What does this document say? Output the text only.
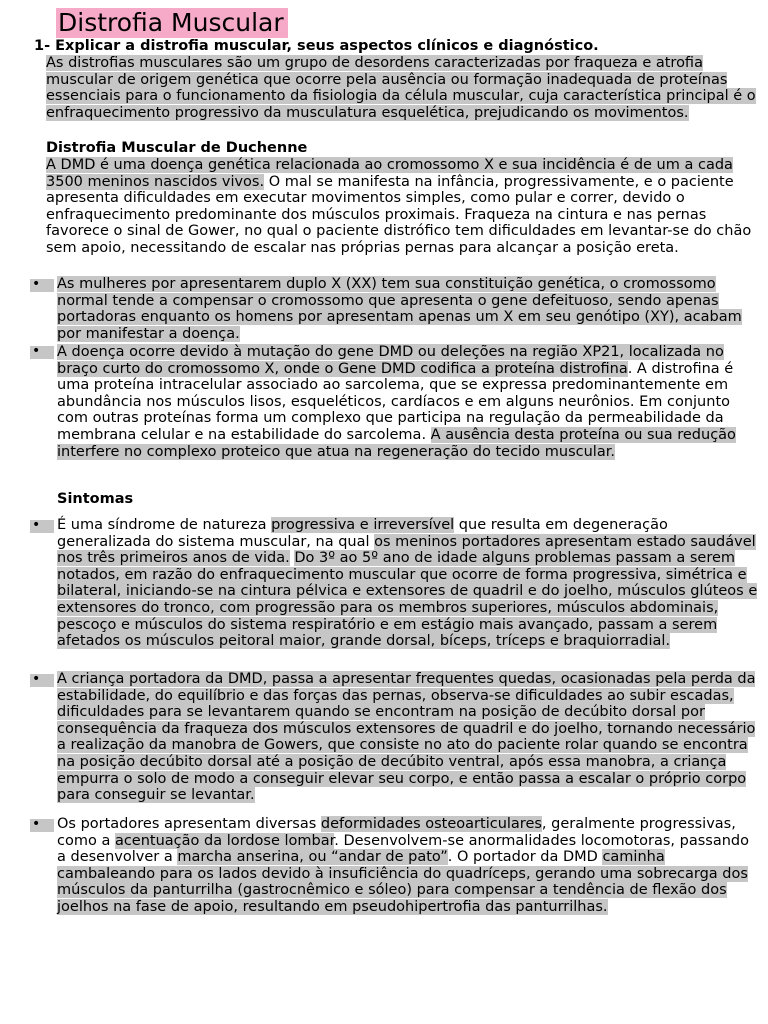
Distrofia Muscular
1- Explicar a distrofia muscular, seus aspectos clínicos e diagnóstico.

As distrofias musculares são um grupo de desordens caracterizadas por fraqueza e atrofia muscular de origem genética que ocorre pela ausência ou formação inadequada de proteínas essenciais para o funcionamento da fisiologia da célula muscular, cuja característica principal é o enfraquecimento progressivo da musculatura esquelética, prejudicando os movimentos.

Distrofia Muscular de Duchenne

A DMD é uma doença genética relacionada ao cromossomo X e sua incidência é de um a cada 3500 meninos nascidos vivos. O mal se manifesta na infância, progressivamente, e o paciente apresenta dificuldades em executar movimentos simples, como pular e correr, devido o enfraquecimento predominante dos músculos proximais. Fraqueza na cintura e nas pernas favorece o sinal de Gower, no qual o paciente distrófico tem dificuldades em levantar-se do chão sem apoio, necessitando de escalar nas próprias pernas para alcançar a posição ereta.

•

As mulheres por apresentarem duplo X (XX) tem sua constituição genética, o cromossomo normal tende a compensar o cromossomo que apresenta o gene defeituoso, sendo apenas portadoras enquanto os homens por apresentam apenas um X em seu genótipo (XY), acabam por manifestar a doença.

•

A doença ocorre devido à mutação do gene DMD ou deleções na região XP21, localizada no braço curto do cromossomo X, onde o Gene DMD codifica a proteína distrofina. A distrofina é uma proteína intracelular associado ao sarcolema, que se expressa predominantemente em abundância nos músculos lisos, esqueléticos, cardíacos e em alguns neurônios. Em conjunto com outras proteínas forma um complexo que participa na regulação da permeabilidade da membrana celular e na estabilidade do sarcolema. A ausência desta proteína ou sua redução interfere no complexo proteico que atua na regeneração do tecido muscular.

Sintomas
•

É uma síndrome de natureza progressiva e irreversível que resulta em degeneração generalizada do sistema muscular, na qual os meninos portadores apresentam estado saudável nos três primeiros anos de vida. Do 3º ao 5º ano de idade alguns problemas passam a serem notados, em razão do enfraquecimento muscular que ocorre de forma progressiva, simétrica e bilateral, iniciando-se na cintura pélvica e extensores de quadril e do joelho, músculos glúteos e extensores do tronco, com progressão para os membros superiores, músculos abdominais, pescoço e músculos do sistema respiratório e em estágio mais avançado, passam a serem afetados os músculos peitoral maior, grande dorsal, bíceps, tríceps e braquiorradial.

•

A criança portadora da DMD, passa a apresentar frequentes quedas, ocasionadas pela perda da estabilidade, do equilíbrio e das forças das pernas, observa-se dificuldades ao subir escadas, dificuldades para se levantarem quando se encontram na posição de decúbito dorsal por consequência da fraqueza dos músculos extensores de quadril e do joelho, tornando necessário a realização da manobra de Gowers, que consiste no ato do paciente rolar quando se encontra na posição decúbito dorsal até a posição de decúbito ventral, após essa manobra, a criança empurra o solo de modo a conseguir elevar seu corpo, e então passa a escalar o próprio corpo para conseguir se levantar.

•

Os portadores apresentam diversas deformidades osteoarticulares, geralmente progressivas, como a acentuação da lordose lombar. Desenvolvem-se anormalidades locomotoras, passando a desenvolver a marcha anserina, ou “andar de pato”. O portador da DMD caminha cambaleando para os lados devido à insuficiência do quadríceps, gerando uma sobrecarga dos músculos da panturrilha (gastrocnêmico e sóleo) para compensar a tendência de flexão dos joelhos na fase de apoio, resultando em pseudohipertrofia das panturrilhas.
